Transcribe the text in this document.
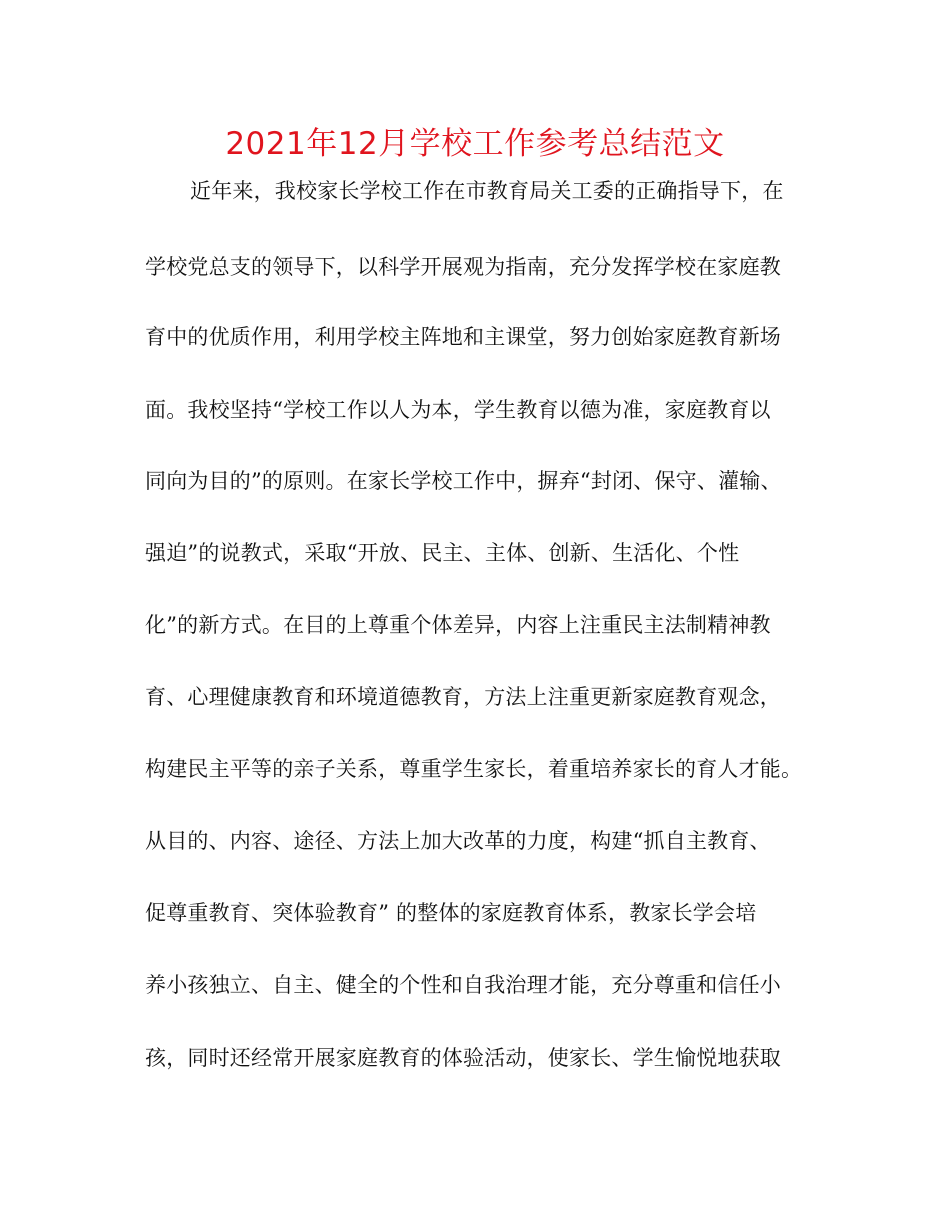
2021年12月学校工作参考总结范文
近年来，我校家长学校工作在市教育局关工委的正确指导下，在
学校党总支的领导下，以科学开展观为指南，充分发挥学校在家庭教
育中的优质作用，利用学校主阵地和主课堂，努力创始家庭教育新场
面。我校坚持“学校工作以人为本，学生教育以德为准，家庭教育以
同向为目的”的原则。在家长学校工作中，摒弃“封闭、保守、灌输、
强迫”的说教式，采取“开放、民主、主体、创新、生活化、个性
化”的新方式。在目的上尊重个体差异，内容上注重民主法制精神教
育、心理健康教育和环境道德教育，方法上注重更新家庭教育观念，
构建民主平等的亲子关系，尊重学生家长，着重培养家长的育人才能。
从目的、内容、途径、方法上加大改革的力度，构建“抓自主教育、
促尊重教育、突体验教育” 的整体的家庭教育体系，教家长学会培
养小孩独立、自主、健全的个性和自我治理才能，充分尊重和信任小
孩，同时还经常开展家庭教育的体验活动，使家长、学生愉悦地获取
